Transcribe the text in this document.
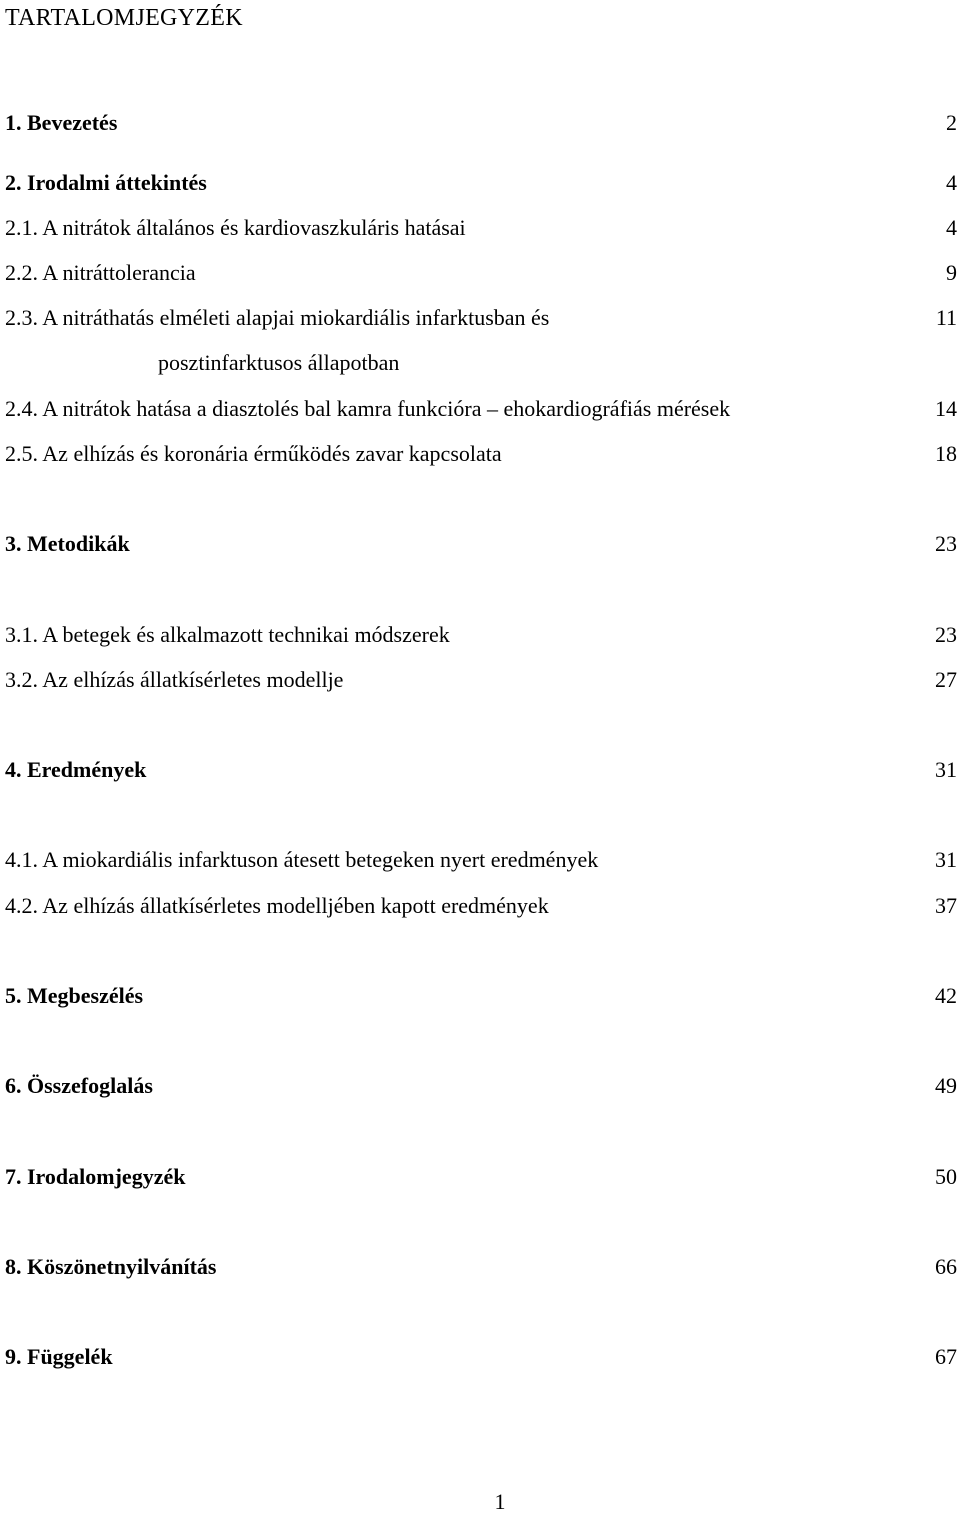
TARTALOMJEGYZÉK
1. Bevezetés	2
2. Irodalmi áttekintés	4
2.1. A nitrátok általános és kardiovaszkuláris hatásai	4
2.2. A nitráttolerancia	9
2.3. A nitráthatás elméleti alapjai miokardiális infarktusban és	11
posztinfarktusos állapotban
2.4. A nitrátok hatása a diasztolés bal kamra funkcióra – ehokardiográfiás mérések	14
2.5. Az elhízás és koronária érműködés zavar kapcsolata	18
3. Metodikák	23
3.1. A betegek és alkalmazott technikai módszerek	23
3.2. Az elhízás állatkísérletes modellje	27
4. Eredmények	31
4.1. A miokardiális infarktuson átesett betegeken nyert eredmények	31
4.2. Az elhízás állatkísérletes modelljében kapott eredmények	37
5. Megbeszélés	42
6. Összefoglalás	49
7. Irodalomjegyzék	50
8. Köszönetnyilvánítás	66
9. Függelék	67
1
